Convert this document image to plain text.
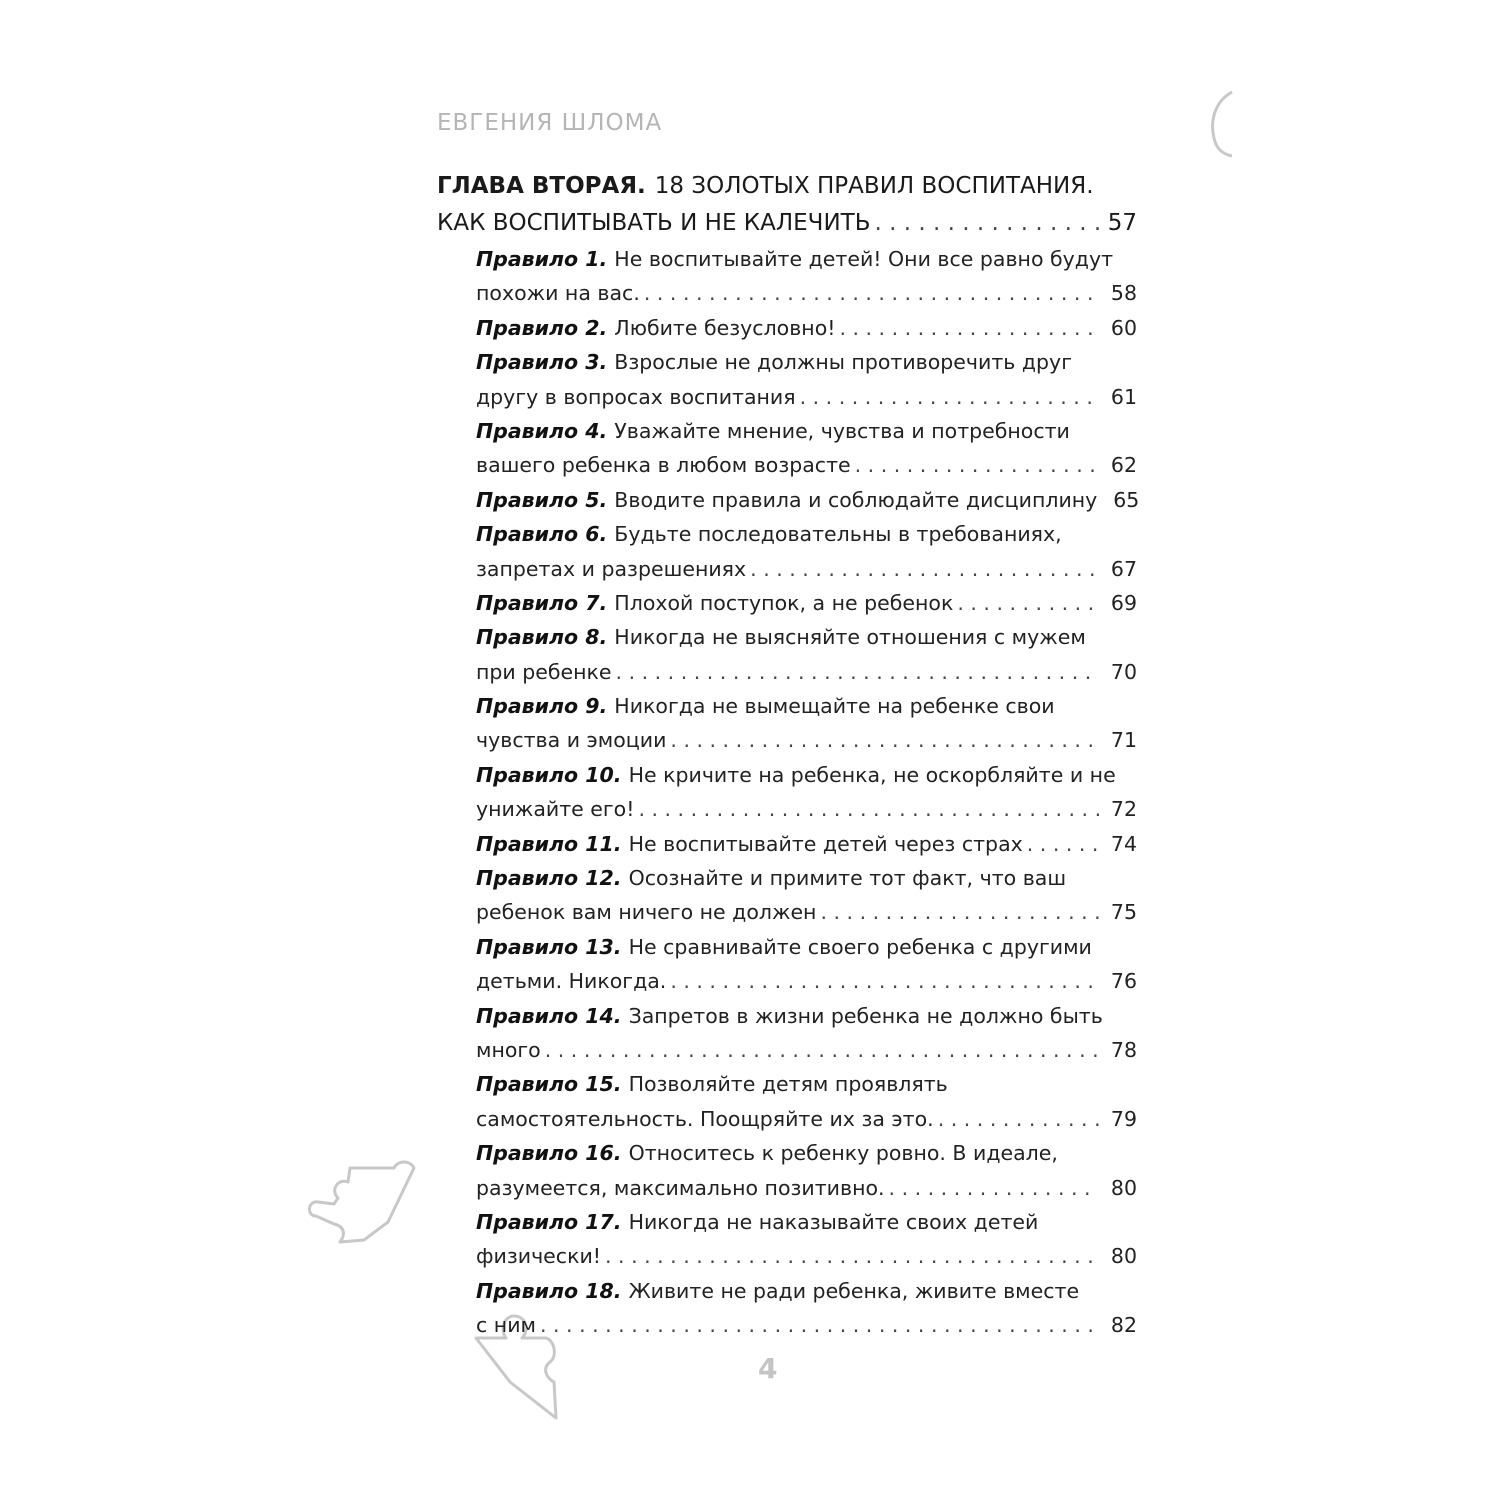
ЕВГЕНИЯ ШЛОМА
ГЛАВА ВТОРАЯ. 18 ЗОЛОТЫХ ПРАВИЛ ВОСПИТАНИЯ.
КАК ВОСПИТЫВАТЬ И НЕ КАЛЕЧИТЬ . . .	57
Правило 1. Не воспитывайте детей! Они все равно будут
похожи на вас. . . .	58
Правило 2. Любите безусловно! . . .	60
Правило 3. Взрослые не должны противоречить друг
другу в вопросах воспитания . . .	61
Правило 4. Уважайте мнение, чувства и потребности
вашего ребенка в любом возрасте . . .	62
Правило 5. Вводите правила и соблюдайте дисциплину 65
Правило 6. Будьте последовательны в требованиях,
запретах и разрешениях . . .	67
Правило 7. Плохой поступок, а не ребенок . . .	69
Правило 8. Никогда не выясняйте отношения с мужем
при ребенке . . .	70
Правило 9. Никогда не вымещайте на ребенке свои
чувства и эмоции . . .	71
Правило 10. Не кричите на ребенка, не оскорбляйте и не
унижайте его! . . .	72
Правило 11. Не воспитывайте детей через страх . . .	74
Правило 12. Осознайте и примите тот факт, что ваш
ребенок вам ничего не должен . . .	75
Правило 13. Не сравнивайте своего ребенка с другими
детьми. Никогда. . . .	76
Правило 14. Запретов в жизни ребенка не должно быть
много . . .	78
Правило 15. Позволяйте детям проявлять
самостоятельность. Поощряйте их за это. . . .	79
Правило 16. Относитесь к ребенку ровно. В идеале,
разумеется, максимально позитивно. . . .	80
Правило 17. Никогда не наказывайте своих детей
физически! . . .	80
Правило 18. Живите не ради ребенка, живите вместе
с ним . . .	82
4
